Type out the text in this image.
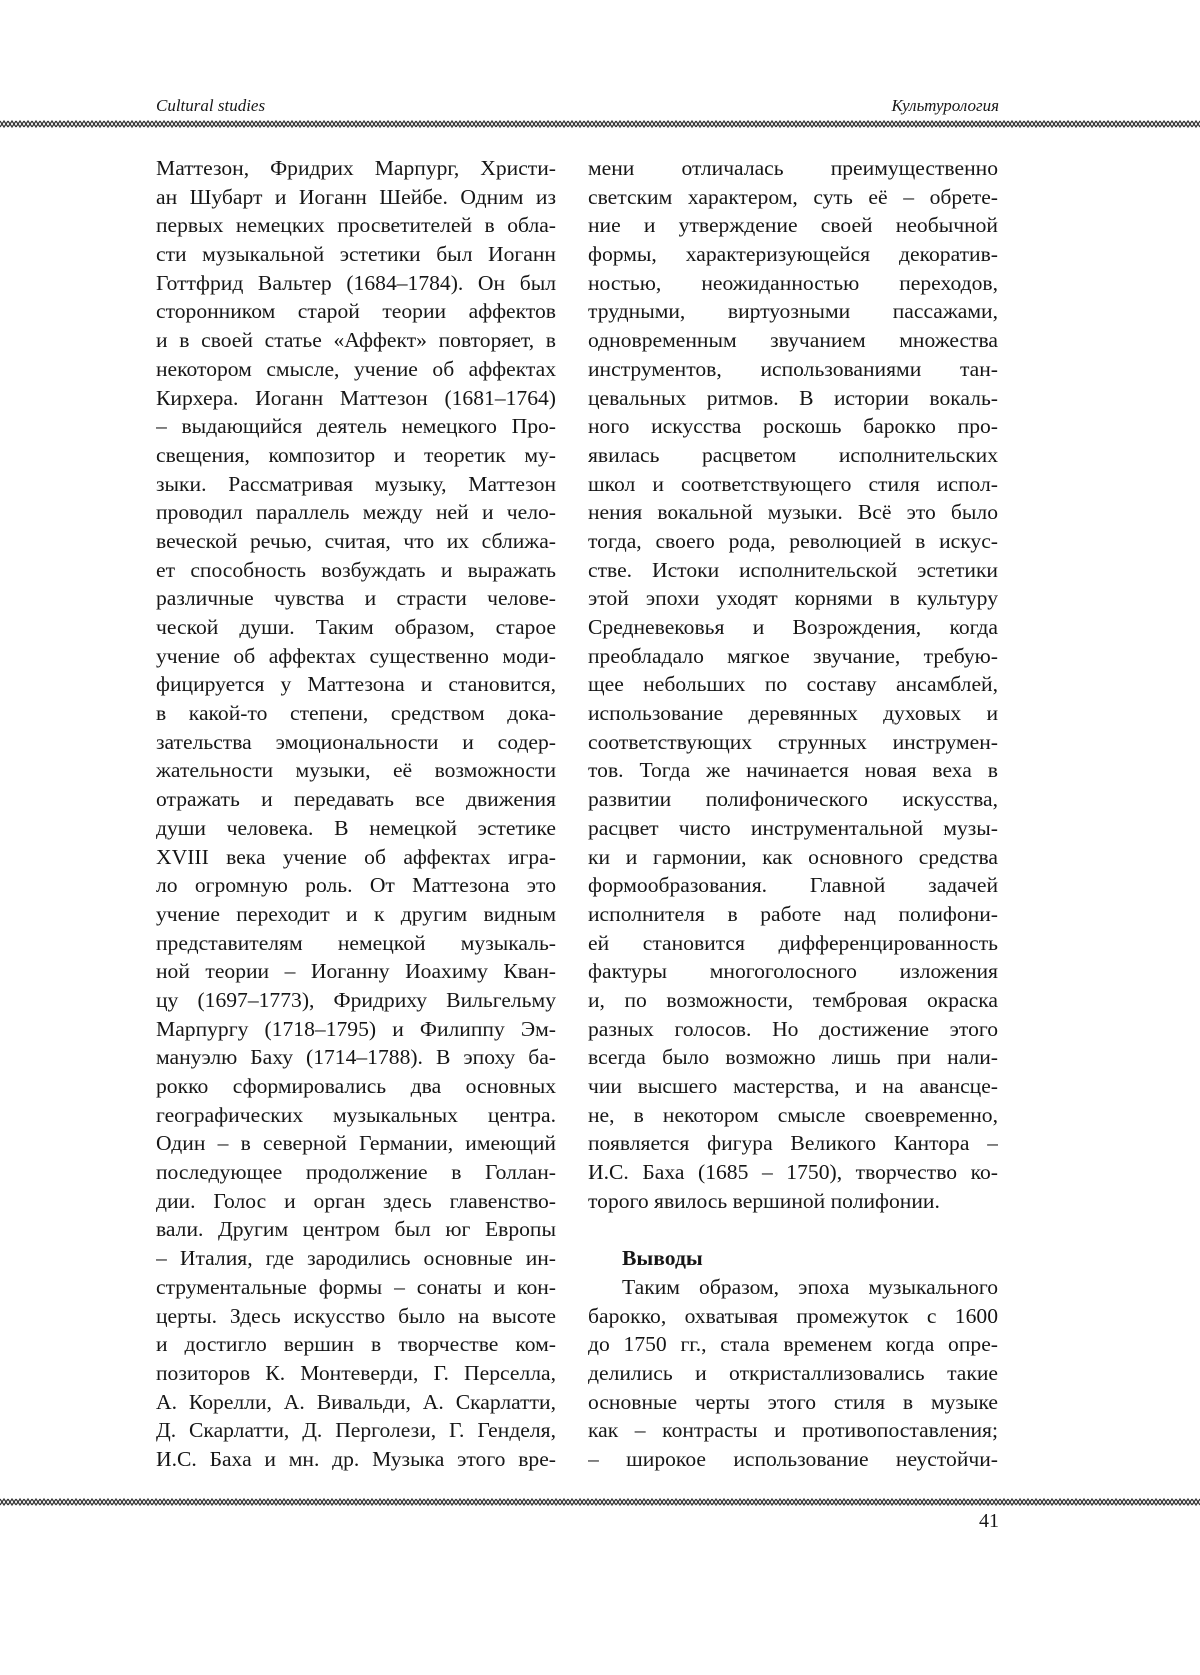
Cultural studies	Культурология
Маттезон, Фридрих Марпург, Христи-
ан Шубарт и Иоганн Шейбе. Одним из
первых немецких просветителей в обла-
сти музыкальной эстетики был Иоганн
Готтфрид Вальтер (1684–1784). Он был
сторонником старой теории аффектов
и в своей статье «Аффект» повторяет, в
некотором смысле, учение об аффектах
Кирхера. Иоганн Маттезон (1681–1764)
– выдающийся деятель немецкого Про-
свещения, композитор и теоретик му-
зыки. Рассматривая музыку, Маттезон
проводил параллель между ней и чело-
веческой речью, считая, что их сближа-
ет способность возбуждать и выражать
различные чувства и страсти челове-
ческой души. Таким образом, старое
учение об аффектах существенно моди-
фицируется у Маттезона и становится,
в какой-то степени, средством дока-
зательства эмоциональности и содер-
жательности музыки, её возможности
отражать и передавать все движения
души человека. В немецкой эстетике
XVIII века учение об аффектах игра-
ло огромную роль. От Маттезона это
учение переходит и к другим видным
представителям немецкой музыкаль-
ной теории – Иоганну Иоахиму Кван-
цу (1697–1773), Фридриху Вильгельму
Марпургу (1718–1795) и Филиппу Эм-
мануэлю Баху (1714–1788). В эпоху ба-
рокко сформировались два основных
географических музыкальных центра.
Один – в северной Германии, имеющий
последующее продолжение в Голлан-
дии. Голос и орган здесь главенство-
вали. Другим центром был юг Европы
– Италия, где зародились основные ин-
струментальные формы – сонаты и кон-
церты. Здесь искусство было на высоте
и достигло вершин в творчестве ком-
позиторов К. Монтеверди, Г. Перселла,
А. Корелли, А. Вивальди, А. Скарлатти,
Д. Скарлатти, Д. Перголези, Г. Генделя,
И.С. Баха и мн. др. Музыка этого вре-
мени отличалась преимущественно
светским характером, суть её – обрете-
ние и утверждение своей необычной
формы, характеризующейся декоратив-
ностью, неожиданностью переходов,
трудными, виртуозными пассажами,
одновременным звучанием множества
инструментов, использованиями тан-
цевальных ритмов. В истории вокаль-
ного искусства роскошь барокко про-
явилась расцветом исполнительских
школ и соответствующего стиля испол-
нения вокальной музыки. Всё это было
тогда, своего рода, революцией в искус-
стве. Истоки исполнительской эстетики
этой эпохи уходят корнями в культуру
Средневековья и Возрождения, когда
преобладало мягкое звучание, требую-
щее небольших по составу ансамблей,
использование деревянных духовых и
соответствующих струнных инструмен-
тов. Тогда же начинается новая веха в
развитии полифонического искусства,
расцвет чисто инструментальной музы-
ки и гармонии, как основного средства
формообразования. Главной задачей
исполнителя в работе над полифони-
ей становится дифференцированность
фактуры многоголосного изложения
и, по возможности, тембровая окраска
разных голосов. Но достижение этого
всегда было возможно лишь при нали-
чии высшего мастерства, и на авансце-
не, в некотором смысле своевременно,
появляется фигура Великого Кантора –
И.С. Баха (1685 – 1750), творчество ко-
торого явилось вершиной полифонии.
Выводы
Таким образом, эпоха музыкального
барокко, охватывая промежуток с 1600
до 1750 гг., стала временем когда опре-
делились и откристаллизовались такие
основные черты этого стиля в музыке
как – контрасты и противопоставления;
– широкое использование неустойчи-
41
